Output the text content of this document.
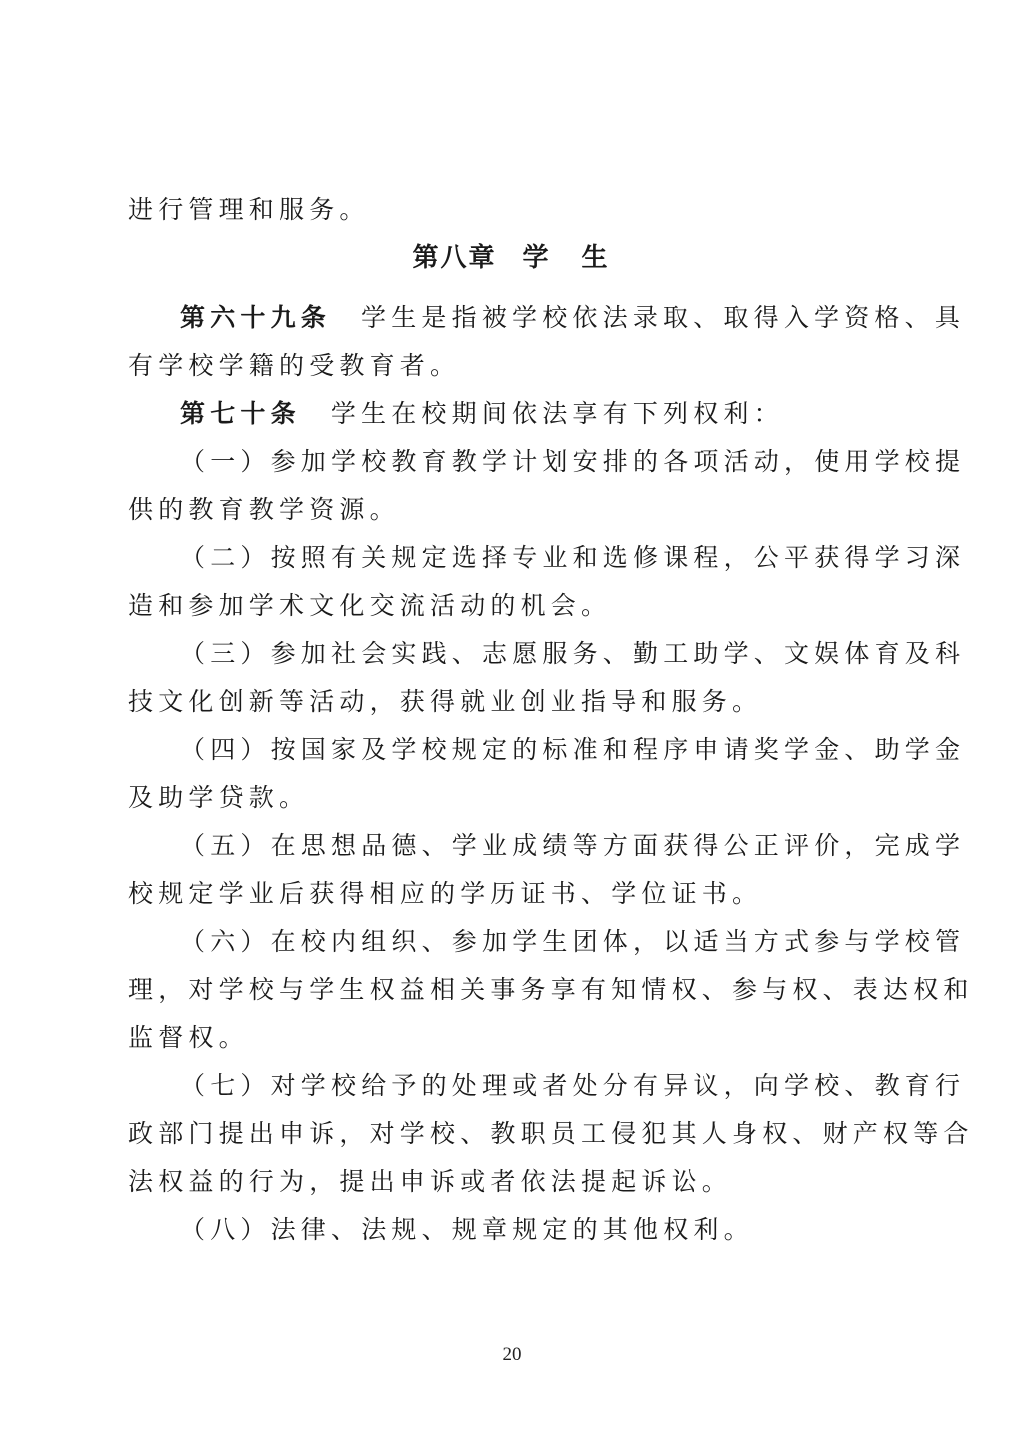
进行管理和服务。
第八章 学 生
第六十九条 学生是指被学校依法录取、取得入学资格、具
有学校学籍的受教育者。
第七十条 学生在校期间依法享有下列权利：
（一）参加学校教育教学计划安排的各项活动，使用学校提
供的教育教学资源。
（二）按照有关规定选择专业和选修课程，公平获得学习深
造和参加学术文化交流活动的机会。
（三）参加社会实践、志愿服务、勤工助学、文娱体育及科
技文化创新等活动，获得就业创业指导和服务。
（四）按国家及学校规定的标准和程序申请奖学金、助学金
及助学贷款。
（五）在思想品德、学业成绩等方面获得公正评价，完成学
校规定学业后获得相应的学历证书、学位证书。
（六）在校内组织、参加学生团体，以适当方式参与学校管
理，对学校与学生权益相关事务享有知情权、参与权、表达权和
监督权。
（七）对学校给予的处理或者处分有异议，向学校、教育行
政部门提出申诉，对学校、教职员工侵犯其人身权、财产权等合
法权益的行为，提出申诉或者依法提起诉讼。
（八）法律、法规、规章规定的其他权利。
20
